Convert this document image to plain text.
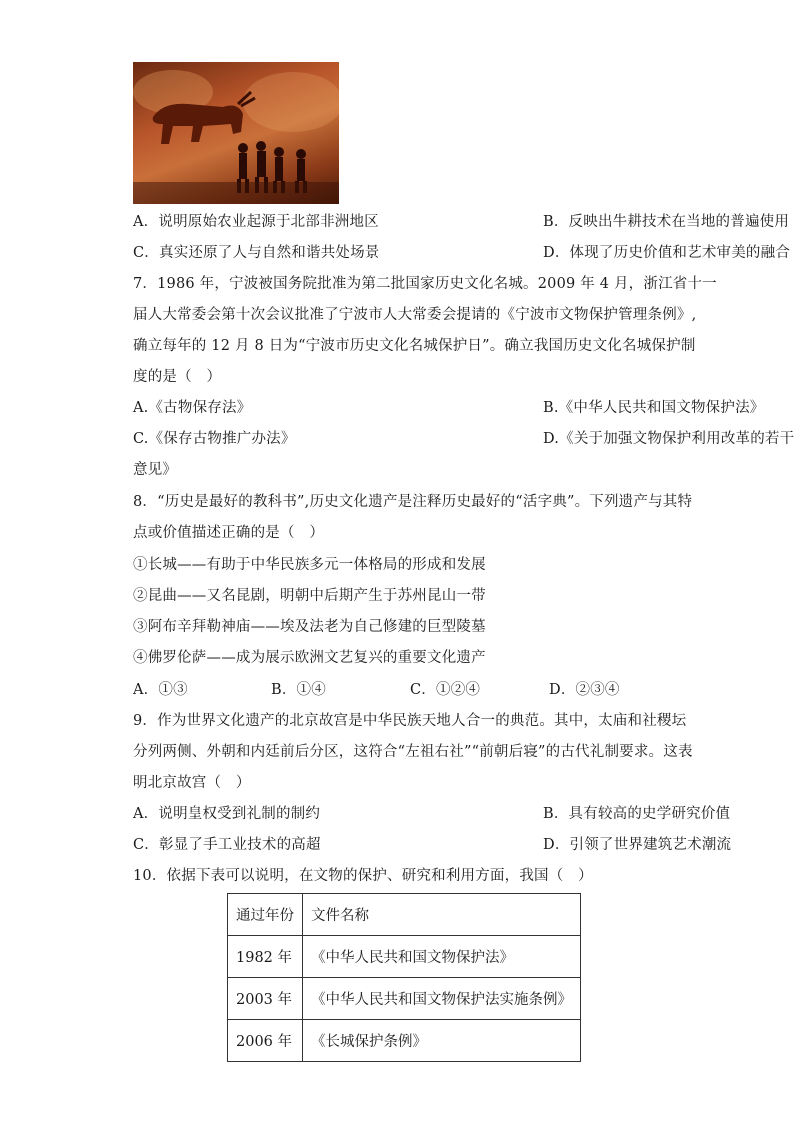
A．说明原始农业起源于北部非洲地区	B．反映出牛耕技术在当地的普遍使用
C．真实还原了人与自然和谐共处场景	D．体现了历史价值和艺术审美的融合
7．1986 年，宁波被国务院批准为第二批国家历史文化名城。2009 年 4 月，浙江省十一
届人大常委会第十次会议批准了宁波市人大常委会提请的《宁波市文物保护管理条例》,
确立每年的 12 月 8 日为“宁波市历史文化名城保护日”。确立我国历史文化名城保护制
度的是（　）
A.《古物保存法》	B.《中华人民共和国文物保护法》
C.《保存古物推广办法》	D.《关于加强文物保护利用改革的若干
意见》
8．“历史是最好的教科书”,历史文化遗产是注释历史最好的“活字典”。下列遗产与其特
点或价值描述正确的是（　）
①长城——有助于中华民族多元一体格局的形成和发展
②昆曲——又名昆剧，明朝中后期产生于苏州昆山一带
③阿布辛拜勒神庙——埃及法老为自己修建的巨型陵墓
④佛罗伦萨——成为展示欧洲文艺复兴的重要文化遗产
A．①③	B．①④	C．①②④	D．②③④
9．作为世界文化遗产的北京故宫是中华民族天地人合一的典范。其中，太庙和社稷坛
分列两侧、外朝和内廷前后分区，这符合“左祖右社”“前朝后寝”的古代礼制要求。这表
明北京故宫（　）
A．说明皇权受到礼制的制约	B．具有较高的史学研究价值
C．彰显了手工业技术的高超	D．引领了世界建筑艺术潮流
10．依据下表可以说明，在文物的保护、研究和利用方面，我国（　）
通过年份	文件名称
1982 年	《中华人民共和国文物保护法》
2003 年	《中华人民共和国文物保护法实施条例》
2006 年	《长城保护条例》
